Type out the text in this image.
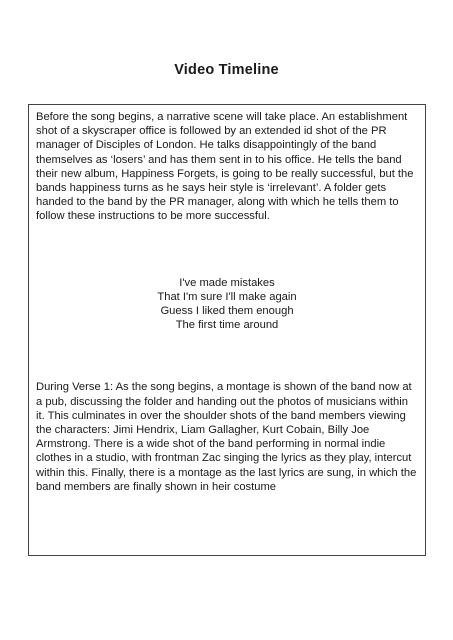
Video Timeline

Before the song begins, a narrative scene will take place. An establishment shot of a skyscraper office is followed by an extended id shot of the PR manager of Disciples of London. He talks disappointingly of the band themselves as ‘losers’ and has them sent in to his office. He tells the band their new album, Happiness Forgets, is going to be really successful, but the bands happiness turns as he says heir style is ‘irrelevant’. A folder gets handed to the band by the PR manager, along with which he tells them to follow these instructions to be more successful.

I've made mistakes
That I'm sure I'll make again
Guess I liked them enough
The first time around

During Verse 1: As the song begins, a montage is shown of the band now at a pub, discussing the folder and handing out the photos of musicians within it. This culminates in over the shoulder shots of the band members viewing the characters: Jimi Hendrix, Liam Gallagher, Kurt Cobain, Billy Joe Armstrong. There is a wide shot of the band performing in normal indie clothes in a studio, with frontman Zac singing the lyrics as they play, intercut within this. Finally, there is a montage as the last lyrics are sung, in which the band members are finally shown in heir costume
